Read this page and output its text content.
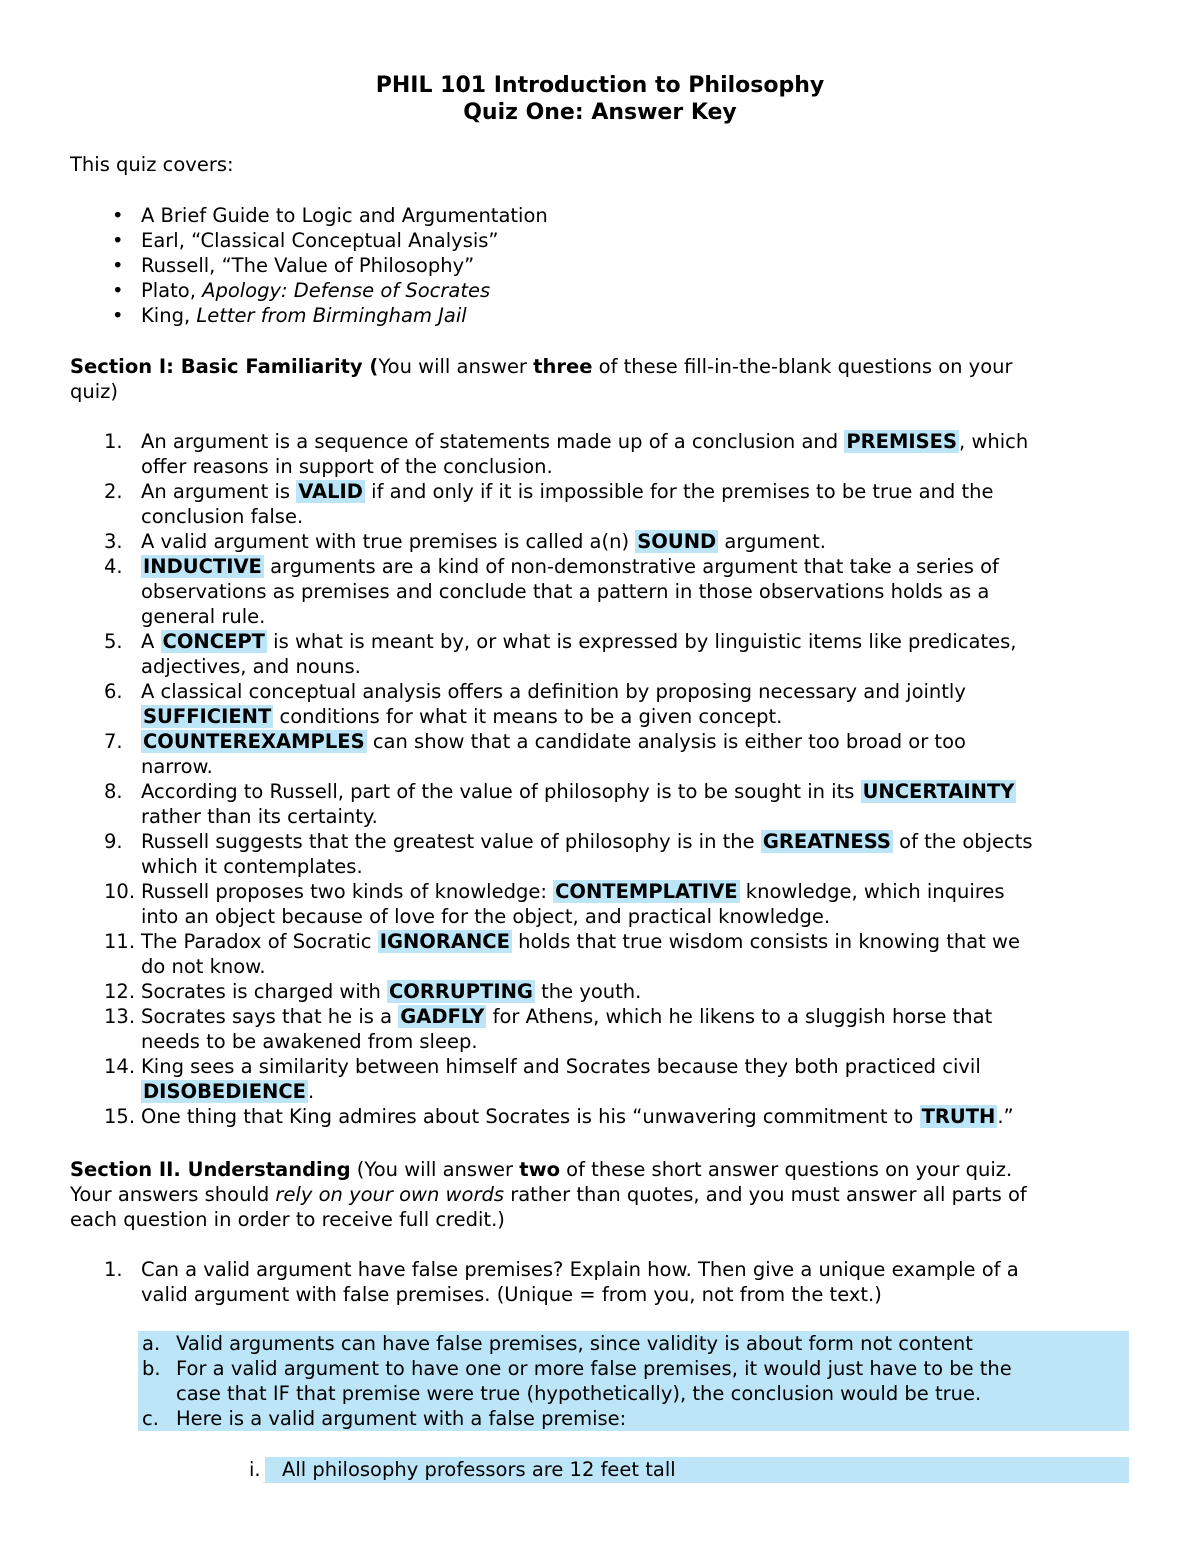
PHIL 101 Introduction to Philosophy
Quiz One: Answer Key
This quiz covers:
• A Brief Guide to Logic and Argumentation
• Earl, “Classical Conceptual Analysis”
• Russell, “The Value of Philosophy”
• Plato, Apology: Defense of Socrates
• King, Letter from Birmingham Jail
Section I: Basic Familiarity (You will answer three of these fill-in-the-blank questions on your
quiz)
1. An argument is a sequence of statements made up of a conclusion and PREMISES , which
offer reasons in support of the conclusion.
2. An argument is VALID if and only if it is impossible for the premises to be true and the
conclusion false.
3. A valid argument with true premises is called a(n) SOUND argument.
4.	INDUCTIVE arguments are a kind of non-demonstrative argument that take a series of
observations as premises and conclude that a pattern in those observations holds as a
general rule.
5. A CONCEPT is what is meant by, or what is expressed by linguistic items like predicates,
adjectives, and nouns.
6. A classical conceptual analysis offers a definition by proposing necessary and jointly
SUFFICIENT conditions for what it means to be a given concept.
7.	COUNTEREXAMPLES can show that a candidate analysis is either too broad or too
narrow.
8. According to Russell, part of the value of philosophy is to be sought in its UNCERTAINTY
rather than its certainty.
9. Russell suggests that the greatest value of philosophy is in the GREATNESS of the objects
which it contemplates.
10. Russell proposes two kinds of knowledge: CONTEMPLATIVE knowledge, which inquires
into an object because of love for the object, and practical knowledge.
11. The Paradox of Socratic IGNORANCE holds that true wisdom consists in knowing that we
do not know.
12. Socrates is charged with CORRUPTING the youth.
13. Socrates says that he is a GADFLY for Athens, which he likens to a sluggish horse that
needs to be awakened from sleep.
14. King sees a similarity between himself and Socrates because they both practiced civil
DISOBEDIENCE .
15. One thing that King admires about Socrates is his “unwavering commitment to TRUTH .”
Section II. Understanding (You will answer two of these short answer questions on your quiz.
Your answers should rely on your own words rather than quotes, and you must answer all parts of
each question in order to receive full credit.)
1. Can a valid argument have false premises? Explain how. Then give a unique example of a
valid argument with false premises. (Unique = from you, not from the text.)
a. Valid arguments can have false premises, since validity is about form not content
b. For a valid argument to have one or more false premises, it would just have to be the
case that IF that premise were true (hypothetically), the conclusion would be true.
c. Here is a valid argument with a false premise:
i. All philosophy professors are 12 feet tall
